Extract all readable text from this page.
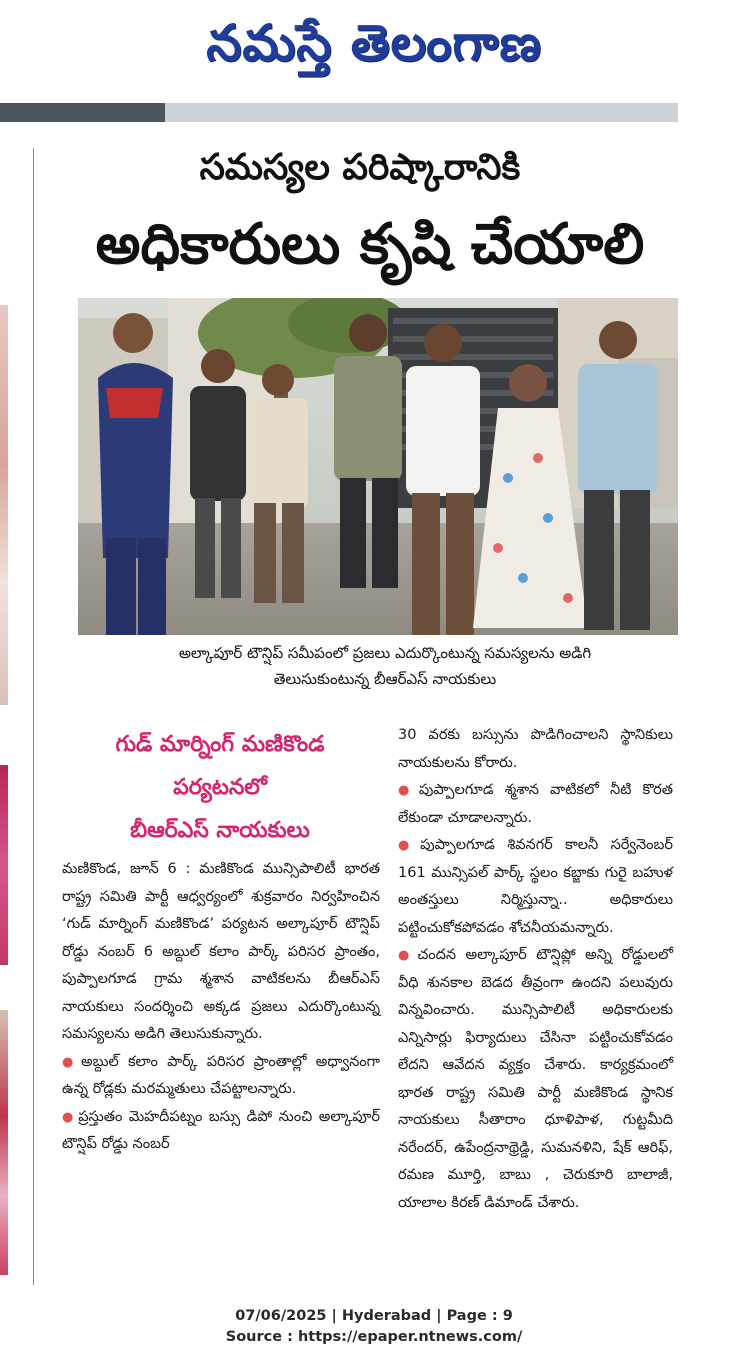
నమస్తే తెలంగాణ
సమస్యల పరిష్కారానికి
అధికారులు కృషి చేయాలి
అల్కాపూర్ టౌన్షిప్ సమీపంలో ప్రజలు ఎదుర్కొంటున్న సమస్యలను అడిగి
తెలుసుకుంటున్న బీఆర్ఎస్ నాయకులు
గుడ్ మార్నింగ్ మణికొండ
పర్యటనలో
బీఆర్ఎస్ నాయకులు

మణికొండ, జూన్ 6 : మణికొండ మున్సిపాలిటీ భారత రాష్ట్ర సమితి పార్టీ ఆధ్వర్యంలో శుక్రవారం నిర్వహించిన ‘గుడ్ మార్నింగ్ మణికొండ’ పర్యటన అల్కాపూర్ టౌన్షిప్ రోడ్డు నంబర్ 6 అబ్దుల్ కలాం పార్క్ పరిసర ప్రాంతం, పుప్పాలగూడ గ్రామ శ్మశాన వాటికలను బీఆర్ఎస్ నాయకులు సందర్శించి అక్కడ ప్రజలు ఎదుర్కొంటున్న సమస్యలను అడిగి తెలుసుకున్నారు.

● అబ్దుల్ కలాం పార్క్ పరిసర ప్రాంతాల్లో అధ్వానంగా ఉన్న రోడ్లకు మరమ్మతులు చేపట్టాలన్నారు.

● ప్రస్తుతం మెహదీపట్నం బస్సు డిపో నుంచి అల్కాపూర్ టౌన్షిప్ రోడ్డు నంబర్

30 వరకు బస్సును పొడిగించాలని స్థానికులు నాయకులను కోరారు.

● పుప్పాలగూడ శ్మశాన వాటికలో నీటి కొరత లేకుండా చూడాలన్నారు.

● పుప్పాలగూడ శివనగర్ కాలనీ సర్వేనెంబర్ 161 మున్సిపల్ పార్క్ స్థలం కబ్జాకు గురై బహుళ అంతస్తులు నిర్మిస్తున్నా.. అధికారులు పట్టించుకోకపోవడం శోచనీయమన్నారు.

● చందన అల్కాపూర్ టౌన్షిప్లో అన్ని రోడ్డులలో వీధి శునకాల బెడద తీవ్రంగా ఉందని పలువురు విన్నవించారు. మున్సిపాలిటీ అధికారులకు ఎన్నిసార్లు ఫిర్యాదులు చేసినా పట్టించుకోవడం లేదని ఆవేదన వ్యక్తం చేశారు. కార్యక్రమంలో భారత రాష్ట్ర సమితి పార్టీ మణికొండ స్థానిక నాయకులు సీతారాం ధూళిపాళ, గుట్టమీది నరేందర్, ఉపేంద్రనాథ్రెడ్డి, సుమనళిని, షేక్ ఆరిఫ్, రమణ మూర్తి, బాబు , చెరుకూరి బాలాజీ, యాలాల కిరణ్ డిమాండ్ చేశారు.

07/06/2025 | Hyderabad | Page : 9
Source : https://epaper.ntnews.com/
